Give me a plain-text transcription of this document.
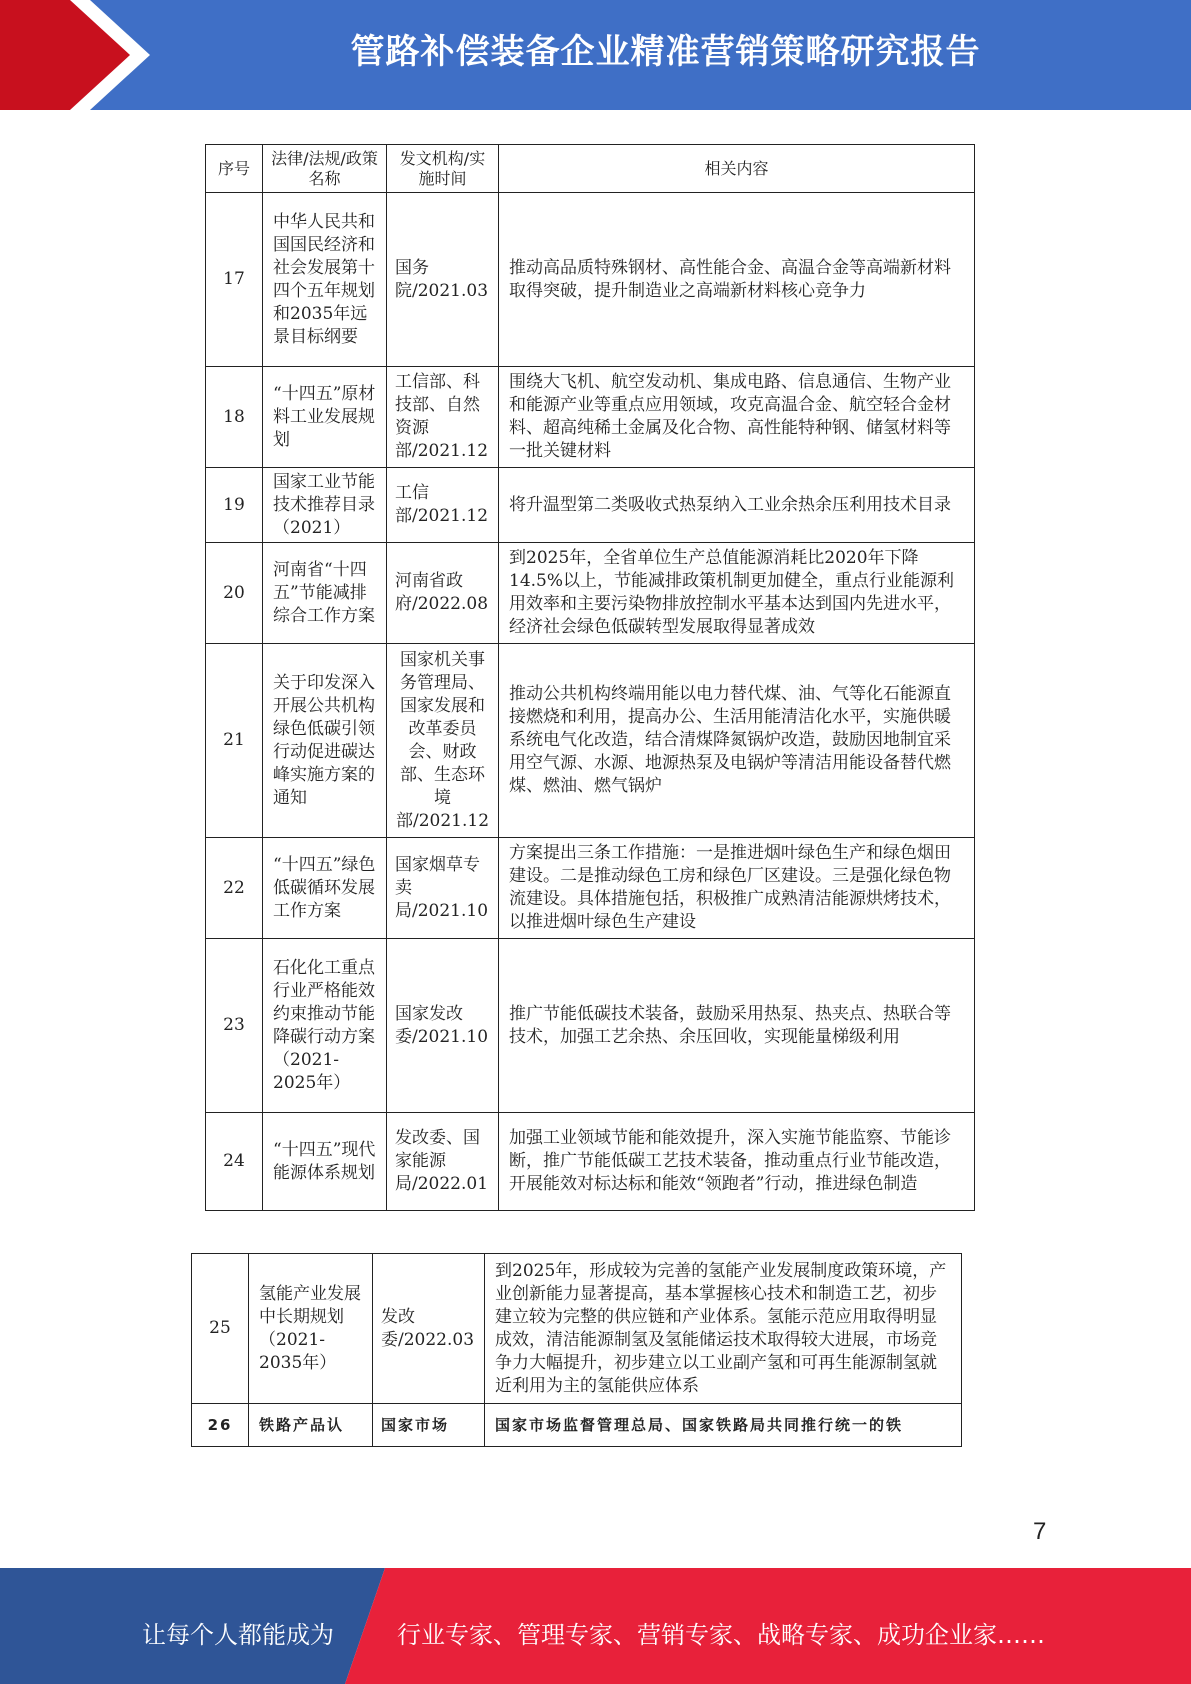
管路补偿装备企业精准营销策略研究报告
序号	法律/法规/政策名称	发文机构/实施时间	相关内容
17	中华人民共和国国民经济和社会发展第十四个五年规划和2035年远景目标纲要	国务院/2021.03	推动高品质特殊钢材、高性能合金、高温合金等高端新材料取得突破，提升制造业之高端新材料核心竞争力
18	“十四五”原材料工业发展规划	工信部、科技部、自然资源部/2021.12	围绕大飞机、航空发动机、集成电路、信息通信、生物产业和能源产业等重点应用领域，攻克高温合金、航空轻合金材料、超高纯稀土金属及化合物、高性能特种钢、储氢材料等一批关键材料
19	国家工业节能技术推荐目录（2021）	工信部/2021.12	将升温型第二类吸收式热泵纳入工业余热余压利用技术目录
20	河南省“十四五”节能减排综合工作方案	河南省政府/2022.08	到2025年，全省单位生产总值能源消耗比2020年下降14.5%以上，节能减排政策机制更加健全，重点行业能源利用效率和主要污染物排放控制水平基本达到国内先进水平，经济社会绿色低碳转型发展取得显著成效
21	关于印发深入开展公共机构绿色低碳引领行动促进碳达峰实施方案的通知	国家机关事务管理局、国家发展和改革委员会、财政部、生态环境部/2021.12	推动公共机构终端用能以电力替代煤、油、气等化石能源直接燃烧和利用，提高办公、生活用能清洁化水平，实施供暖系统电气化改造，结合清煤降氮锅炉改造，鼓励因地制宜采用空气源、水源、地源热泵及电锅炉等清洁用能设备替代燃煤、燃油、燃气锅炉
22	“十四五”绿色低碳循环发展工作方案	国家烟草专卖局/2021.10	方案提出三条工作措施：一是推进烟叶绿色生产和绿色烟田建设。二是推动绿色工房和绿色厂区建设。三是强化绿色物流建设。具体措施包括，积极推广成熟清洁能源烘烤技术，以推进烟叶绿色生产建设
23	石化化工重点行业严格能效约束推动节能降碳行动方案（2021-2025年）	国家发改委/2021.10	推广节能低碳技术装备，鼓励采用热泵、热夹点、热联合等技术，加强工艺余热、余压回收，实现能量梯级利用
24	“十四五”现代能源体系规划	发改委、国家能源局/2022.01	加强工业领域节能和能效提升，深入实施节能监察、节能诊断，推广节能低碳工艺技术装备，推动重点行业节能改造，开展能效对标达标和能效“领跑者”行动，推进绿色制造
25	氢能产业发展中长期规划（2021-2035年）	发改委/2022.03	到2025年，形成较为完善的氢能产业发展制度政策环境，产业创新能力显著提高，基本掌握核心技术和制造工艺，初步建立较为完整的供应链和产业体系。氢能示范应用取得明显成效，清洁能源制氢及氢能储运技术取得较大进展，市场竞争力大幅提升，初步建立以工业副产氢和可再生能源制氢就近利用为主的氢能供应体系
26	铁路产品认	国家市场	国家市场监督管理总局、国家铁路局共同推行统一的铁
7
让每个人都能成为	行业专家、管理专家、营销专家、战略专家、成功企业家……
